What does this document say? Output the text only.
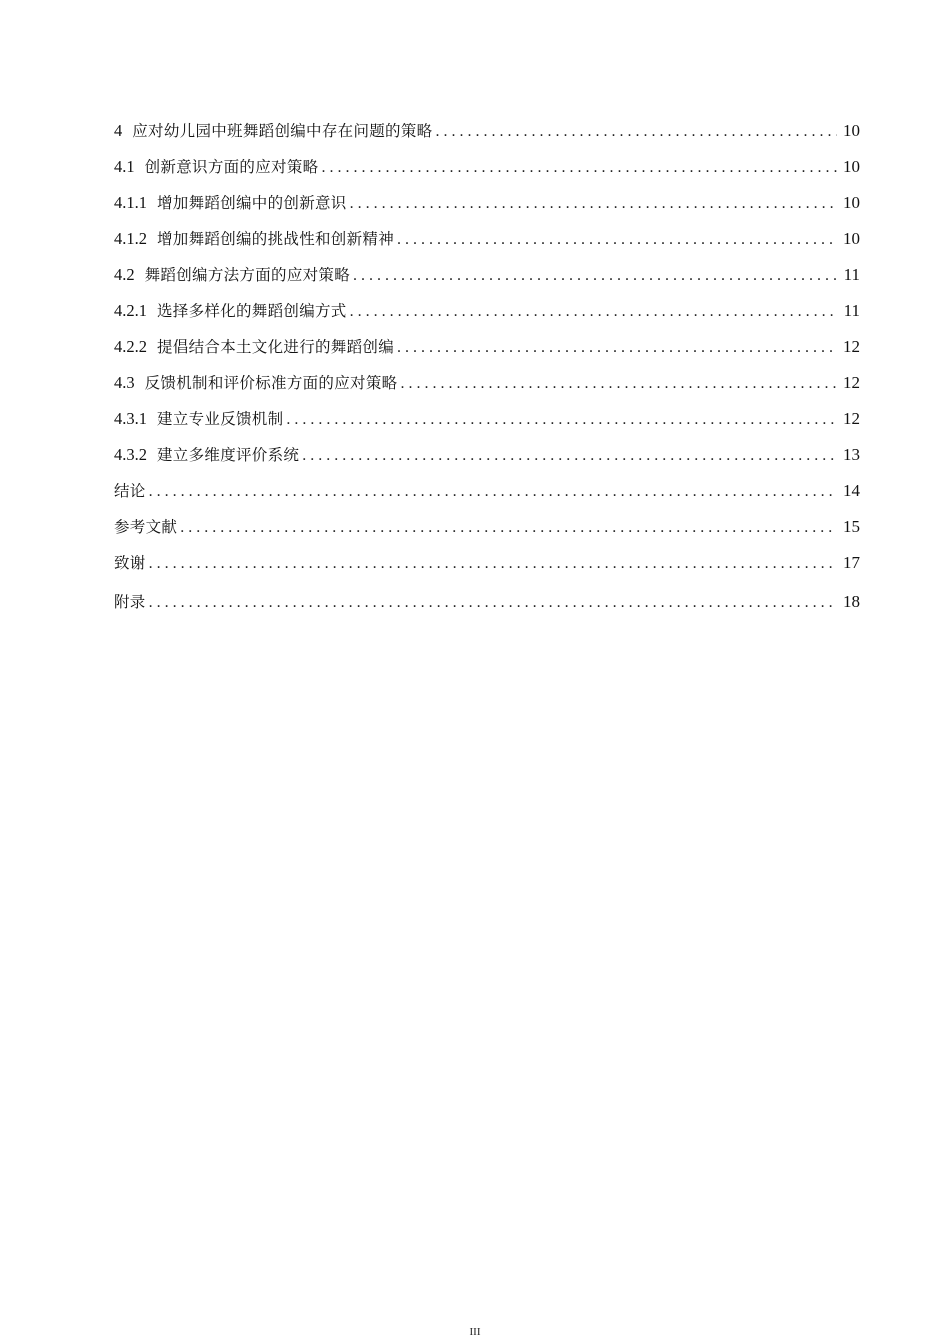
4 应对幼儿园中班舞蹈创编中存在问题的策略 . . .	10
4.1 创新意识方面的应对策略 . . .	10
4.1.1 增加舞蹈创编中的创新意识 . . .	10
4.1.2 增加舞蹈创编的挑战性和创新精神 . . .	10
4.2 舞蹈创编方法方面的应对策略 . . .	11
4.2.1 选择多样化的舞蹈创编方式 . . .	11
4.2.2 提倡结合本土文化进行的舞蹈创编 . . .	12
4.3 反馈机制和评价标准方面的应对策略 . . .	12
4.3.1 建立专业反馈机制 . . .	12
4.3.2 建立多维度评价系统 . . .	13
结论 . . .	14
参考文献 . . .	15
致谢 . . .	17
附录 . . .	18
III
